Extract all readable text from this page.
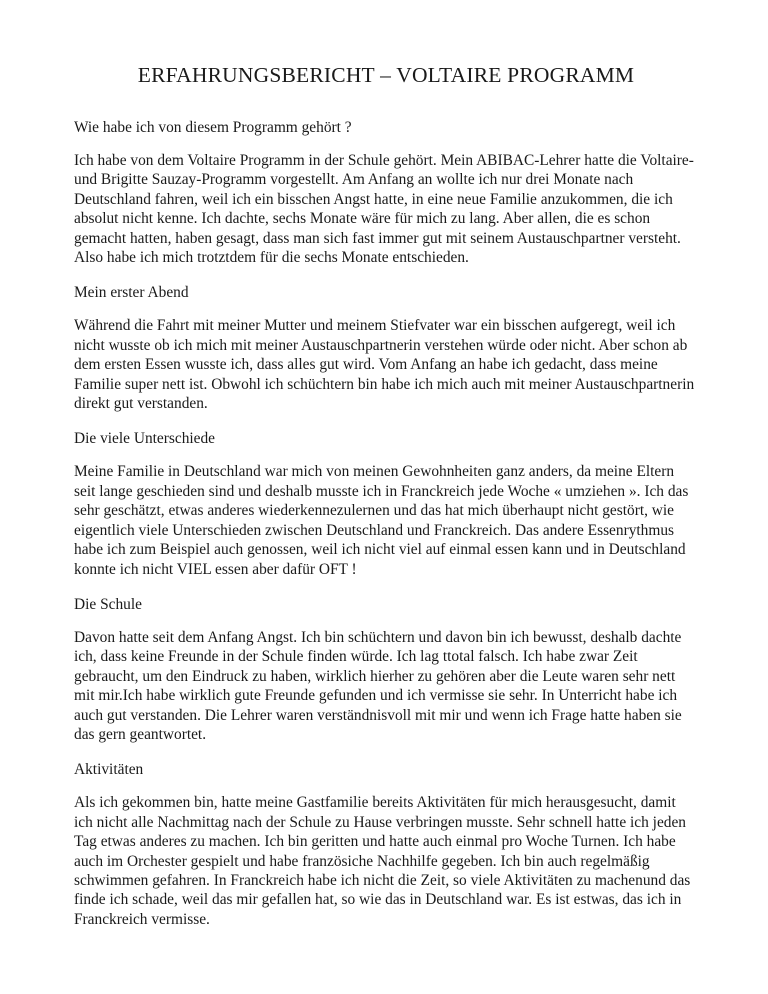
ERFAHRUNGSBERICHT – VOLTAIRE PROGRAMM

Wie habe ich von diesem Programm gehört ?

Ich habe von dem Voltaire Programm in der Schule gehört. Mein ABIBAC-Lehrer hatte die Voltaire- und Brigitte Sauzay-Programm vorgestellt. Am Anfang an wollte ich nur drei Monate nach Deutschland fahren, weil ich ein bisschen Angst hatte, in eine neue Familie anzukommen, die ich absolut nicht kenne. Ich dachte, sechs Monate wäre für mich zu lang. Aber allen, die es schon gemacht hatten, haben gesagt, dass man sich fast immer gut mit seinem Austauschpartner versteht. Also habe ich mich trotztdem für die sechs Monate entschieden.

Mein erster Abend

Während die Fahrt mit meiner Mutter und meinem Stiefvater war ein bisschen aufgeregt, weil ich nicht wusste ob ich mich mit meiner Austauschpartnerin verstehen würde oder nicht. Aber schon ab dem ersten Essen wusste ich, dass alles gut wird. Vom Anfang an habe ich gedacht, dass meine Familie super nett ist. Obwohl ich schüchtern bin habe ich mich auch mit meiner Austauschpartnerin direkt gut verstanden.

Die viele Unterschiede

Meine Familie in Deutschland war mich von meinen Gewohnheiten ganz anders, da meine Eltern seit lange geschieden sind und deshalb musste ich in Franckreich jede Woche « umziehen ». Ich das sehr geschätzt, etwas anderes wiederkennezulernen und das hat mich überhaupt nicht gestört, wie eigentlich viele Unterschieden zwischen Deutschland und Franckreich. Das andere Essenrythmus habe ich zum Beispiel auch genossen, weil ich nicht viel auf einmal essen kann und in Deutschland konnte ich nicht VIEL essen aber dafür OFT !

Die Schule

Davon hatte seit dem Anfang Angst. Ich bin schüchtern und davon bin ich bewusst, deshalb dachte ich, dass keine Freunde in der Schule finden würde. Ich lag ttotal falsch. Ich habe zwar Zeit gebraucht, um den Eindruck zu haben, wirklich hierher zu gehören aber die Leute waren sehr nett mit mir.Ich habe wirklich gute Freunde gefunden und ich vermisse sie sehr. In Unterricht habe ich auch gut verstanden. Die Lehrer waren verständnisvoll mit mir und wenn ich Frage hatte haben sie das gern geantwortet.

Aktivitäten

Als ich gekommen bin, hatte meine Gastfamilie bereits Aktivitäten für mich herausgesucht, damit ich nicht alle Nachmittag nach der Schule zu Hause verbringen musste. Sehr schnell hatte ich jeden Tag etwas anderes zu machen. Ich bin geritten und hatte auch einmal pro Woche Turnen. Ich habe auch im Orchester gespielt und habe französiche Nachhilfe gegeben. Ich bin auch regelmäßig schwimmen gefahren. In Franckreich habe ich nicht die Zeit, so viele Aktivitäten zu machenund das finde ich schade, weil das mir gefallen hat, so wie das in Deutschland war. Es ist estwas, das ich in Franckreich vermisse.
